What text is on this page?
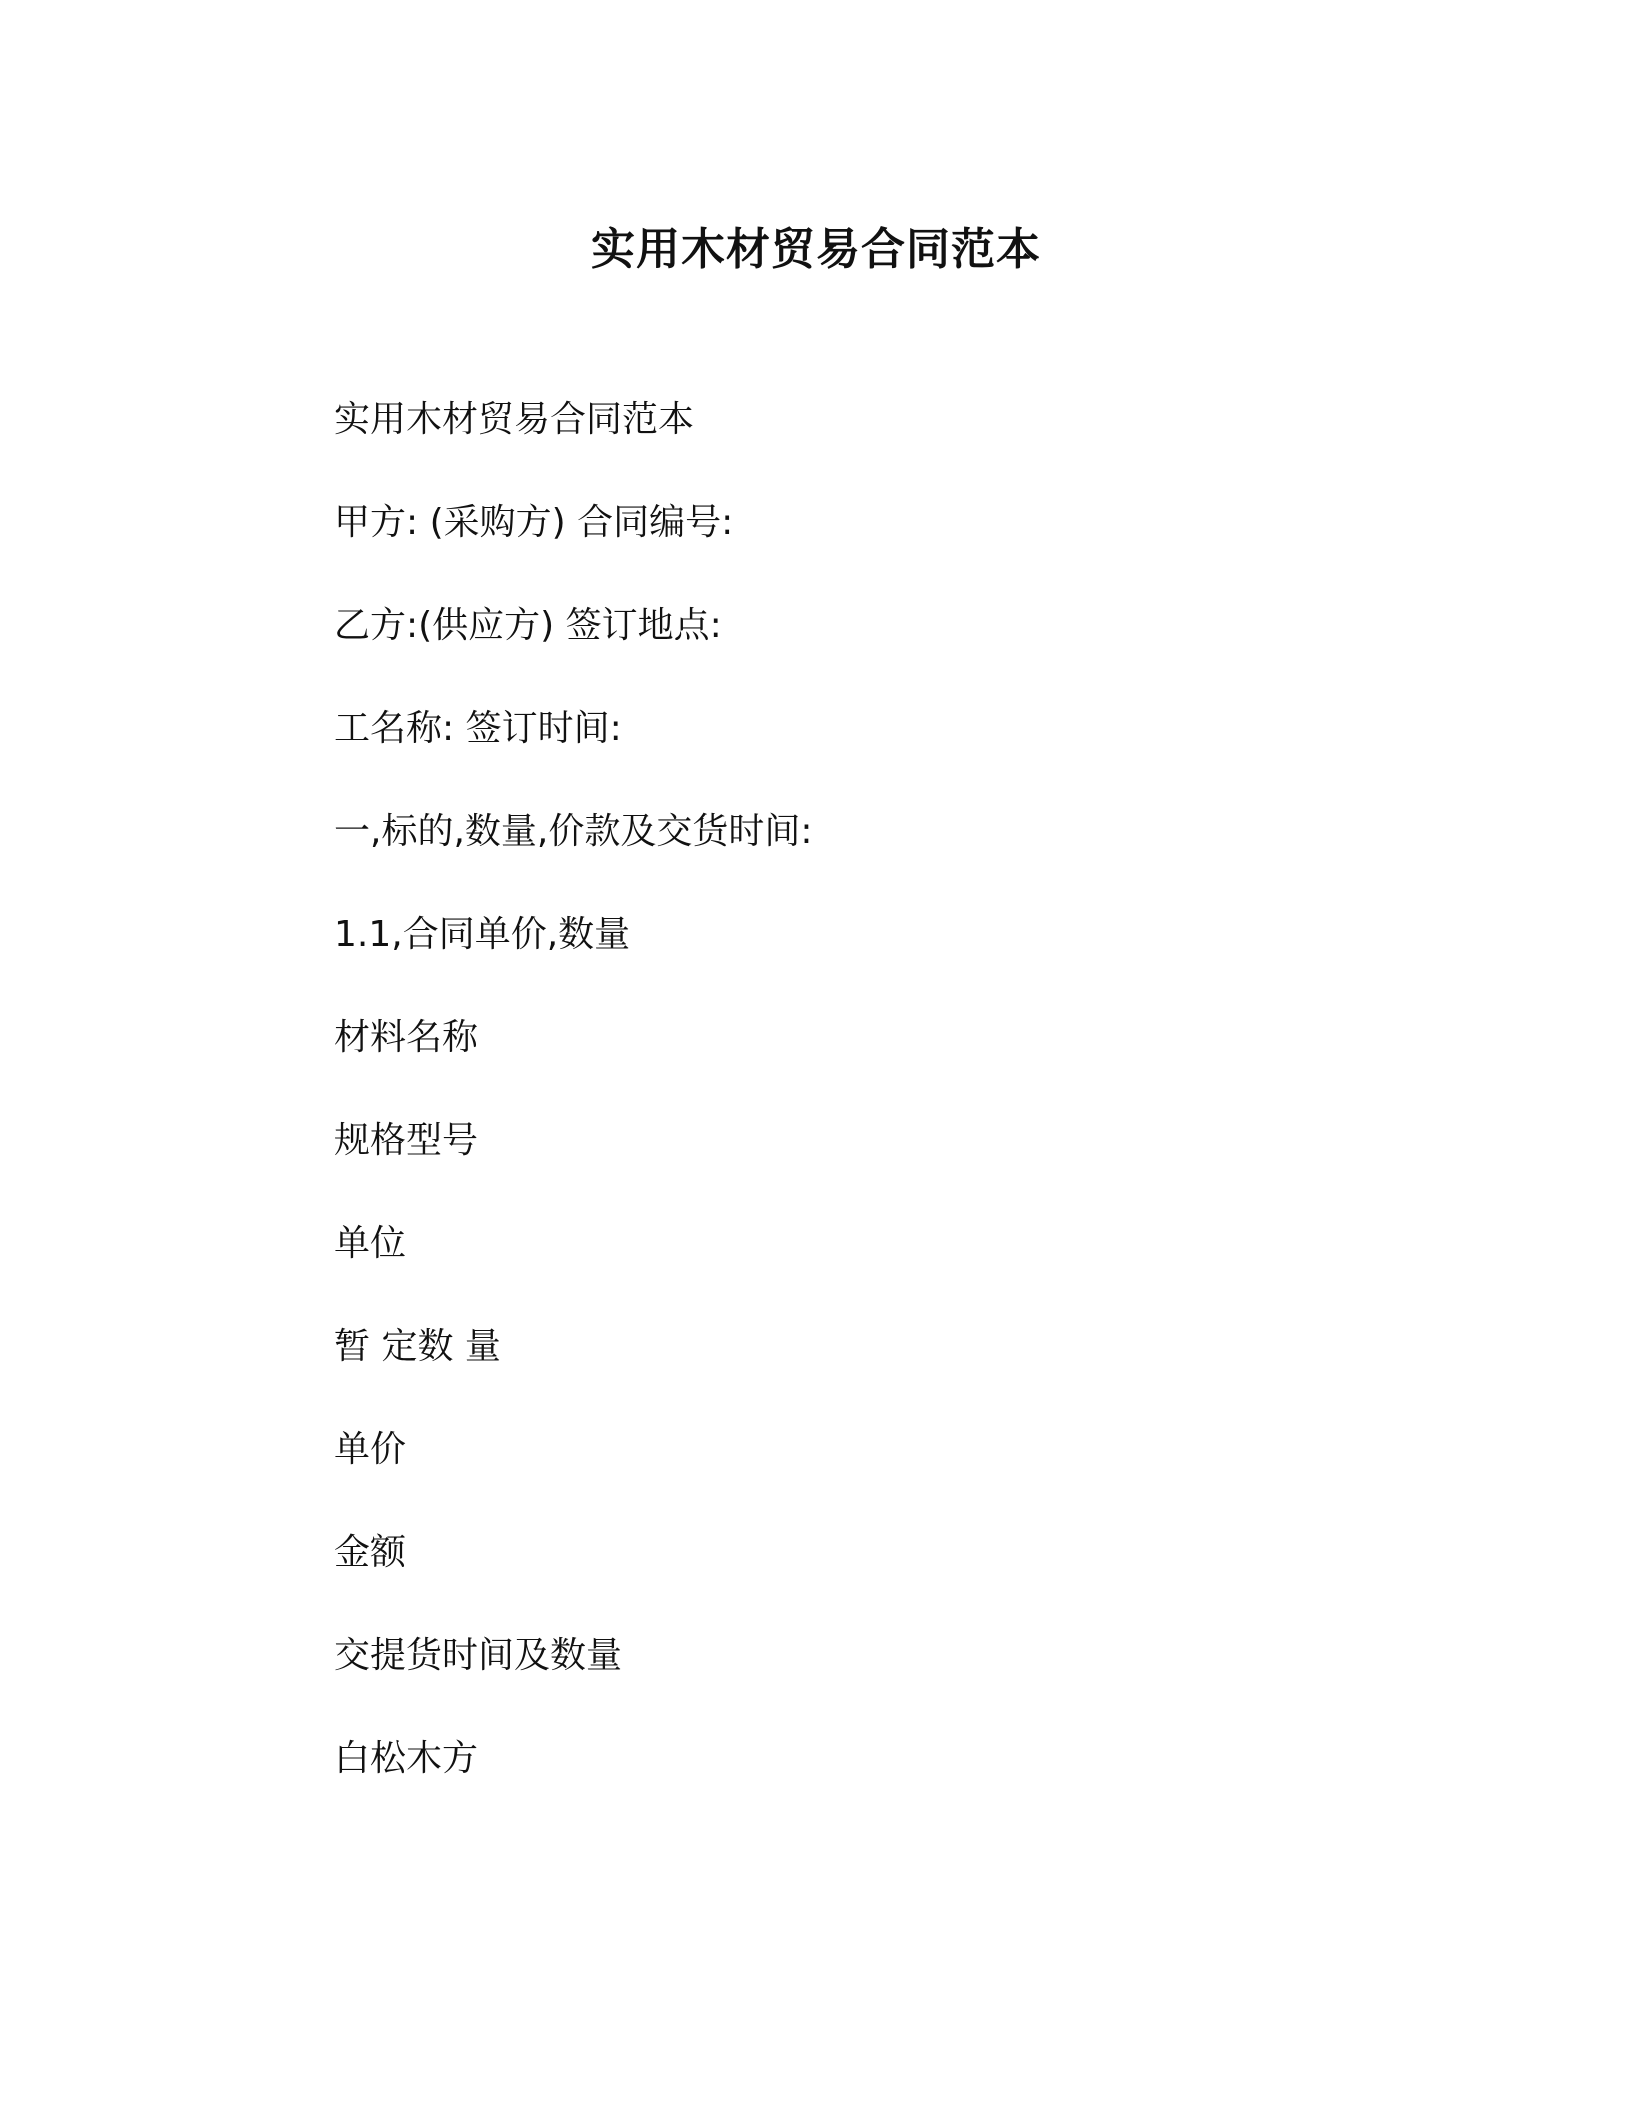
实用木材贸易合同范本
实用木材贸易合同范本
甲方: (采购方) 合同编号:
乙方:(供应方) 签订地点:
工名称: 签订时间:
一,标的,数量,价款及交货时间:
1.1,合同单价,数量
材料名称
规格型号
单位
暂 定数 量
单价
金额
交提货时间及数量
白松木方
